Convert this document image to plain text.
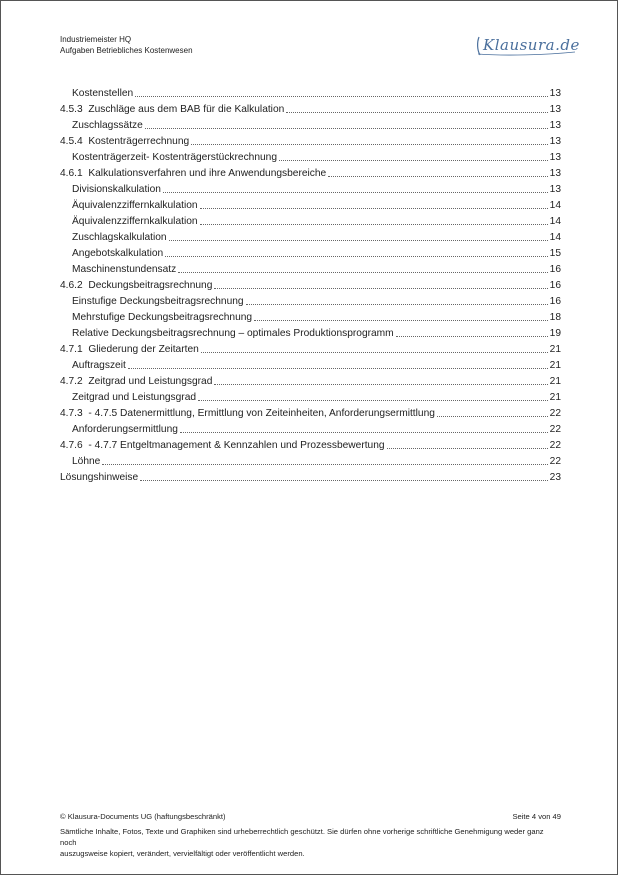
Industriemeister HQ
Aufgaben Betriebliches Kostenwesen	Klausura.de
Kostenstellen	13
4.5.3 Zuschläge aus dem BAB für die Kalkulation	13
Zuschlagssätze	13
4.5.4 Kostenträgerrechnung	13
Kostenträgerzeit- Kostenträgerstückrechnung	13
4.6.1 Kalkulationsverfahren und ihre Anwendungsbereiche	13
Divisionskalkulation	13
Äquivalenzziffernkalkulation	14
Äquivalenzziffernkalkulation	14
Zuschlagskalkulation	14
Angebotskalkulation	15
Maschinenstundensatz	16
4.6.2 Deckungsbeitragsrechnung	16
Einstufige Deckungsbeitragsrechnung	16
Mehrstufige Deckungsbeitragsrechnung	18
Relative Deckungsbeitragsrechnung – optimales Produktionsprogramm	19
4.7.1 Gliederung der Zeitarten	21
Auftragszeit	21
4.7.2 Zeitgrad und Leistungsgrad	21
Zeitgrad und Leistungsgrad	21
4.7.3 - 4.7.5 Datenermittlung, Ermittlung von Zeiteinheiten, Anforderungsermittlung	22
Anforderungsermittlung	22
4.7.6 - 4.7.7 Entgeltmanagement & Kennzahlen und Prozessbewertung	22
Löhne	22
Lösungshinweise	23
© Klausura-Documents UG (haftungsbeschränkt)	Seite 4 von 49
Sämtliche Inhalte, Fotos, Texte und Graphiken sind urheberrechtlich geschützt. Sie dürfen ohne vorherige schriftliche Genehmigung weder ganz noch
auszugsweise kopiert, verändert, vervielfältigt oder veröffentlicht werden.
